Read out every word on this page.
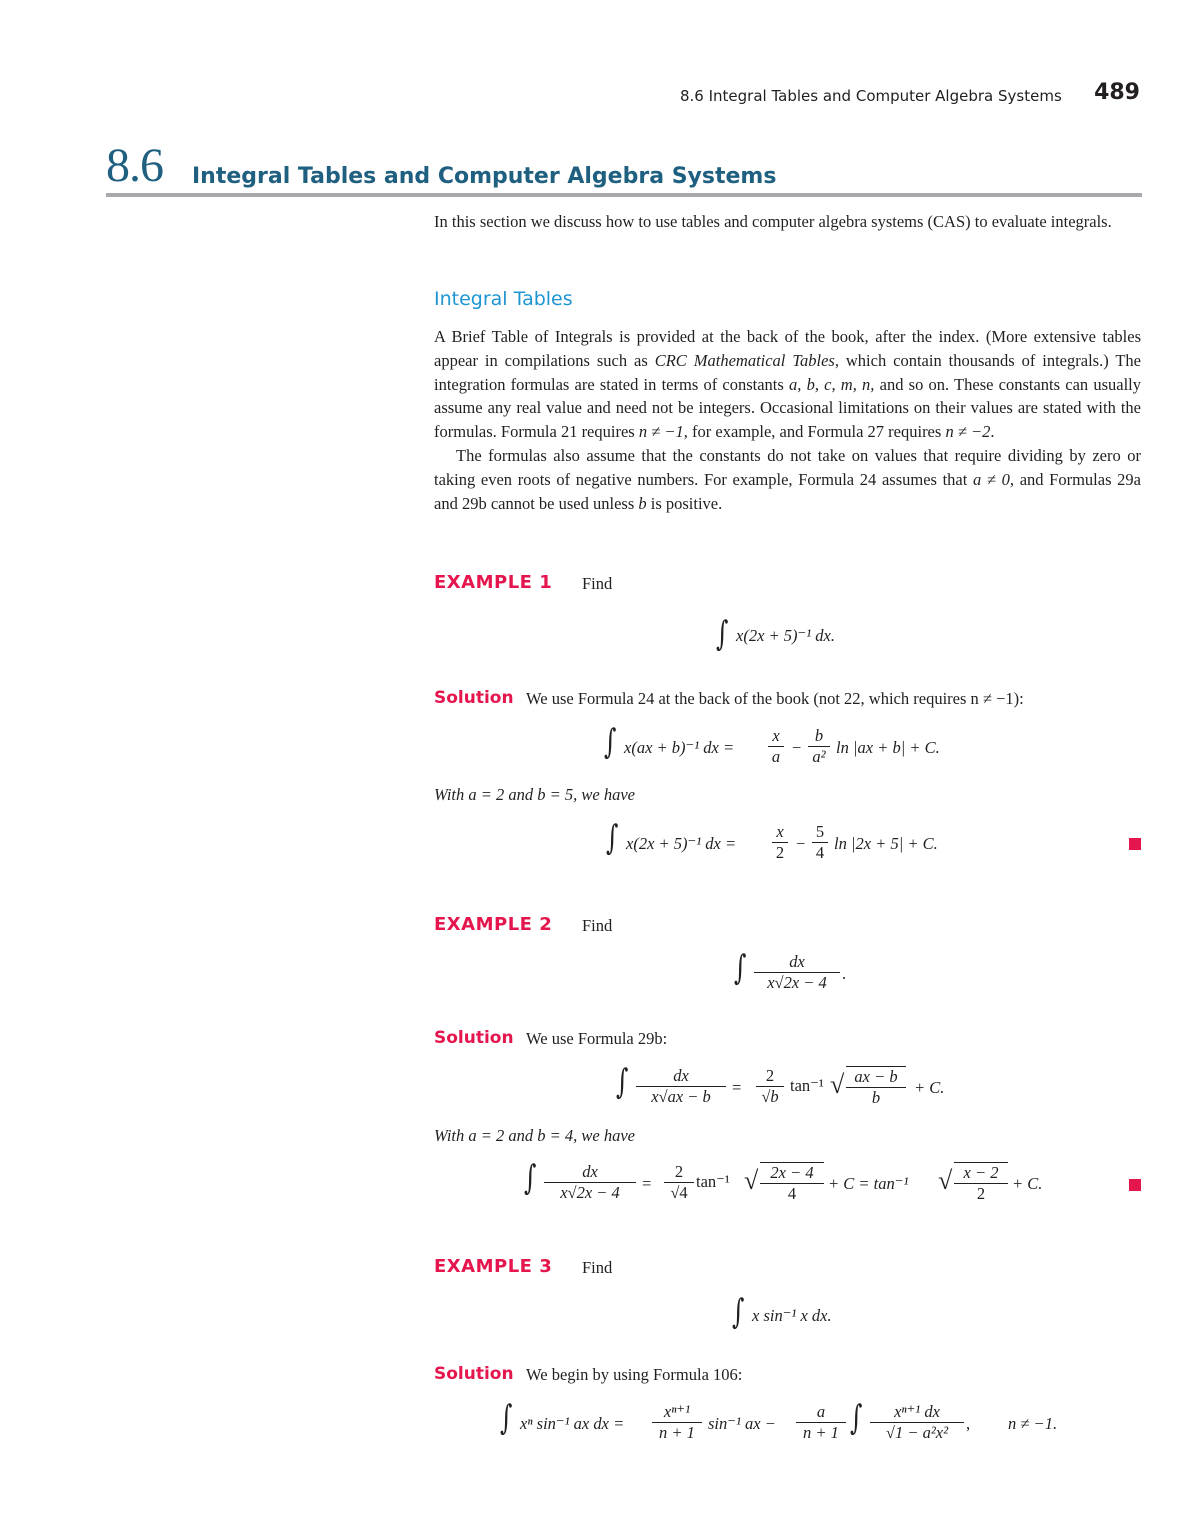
8.6 Integral Tables and Computer Algebra Systems 489
8.6 Integral Tables and Computer Algebra Systems

In this section we discuss how to use tables and computer algebra systems (CAS) to evaluate integrals.

Integral Tables

A Brief Table of Integrals is provided at the back of the book, after the index. (More extensive tables appear in compilations such as CRC Mathematical Tables, which contain thousands of integrals.) The integration formulas are stated in terms of constants a, b, c, m, n, and so on. These constants can usually assume any real value and need not be integers. Occasional limitations on their values are stated with the formulas. Formula 21 requires n ≠ −1, for example, and Formula 27 requires n ≠ −2.

The formulas also assume that the constants do not take on values that require dividing by zero or taking even roots of negative numbers. For example, Formula 24 assumes that a ≠ 0, and Formulas 29a and 29b cannot be used unless b is positive.

EXAMPLE 1 Find
∫ x(2x + 5)⁻¹ dx.
Solution We use Formula 24 at the back of the book (not 22, which requires n ≠ −1):
∫ x(ax + b)⁻¹ dx = $\frac{x}{a} - \frac{b}{\text{a²}}$ ln |ax + b| + C.
With a = 2 and b = 5, we have
∫ x(2x + 5)⁻¹ dx = $\frac{x}{2} - \frac{5}{4}$ ln |2x + 5| + C.
EXAMPLE 2 Find
∫ $\frac{dx}{x√2x - 4}$ .
Solution We use Formula 29b:
∫ $\frac{dx}{x√ax - b} = \frac{2}{√b} \tan^{-1}$ √ $\frac{ax - b}{b} + C$.
With a = 2 and b = 4, we have
∫ $\frac{dx}{x√2x - 4} = \frac{2}{√4} \tan^{-1}$ √ $\frac{2x - 4}{4} + C = \tan^{-1}$ √ $\frac{x - 2}{2} + C$.
EXAMPLE 3 Find
∫ x sin⁻¹ x dx.
Solution We begin by using Formula 106:
∫ xⁿ sin⁻¹ ax dx = $\frac{\text{xⁿ⁺¹}}{n + 1} \sin^{-1}$ ax − $\frac{a}{n + 1}$ ∫ $\frac{\text{xⁿ⁺¹ dx}}{\text{√1 − a²x²}}$ , n ≠ −1.
